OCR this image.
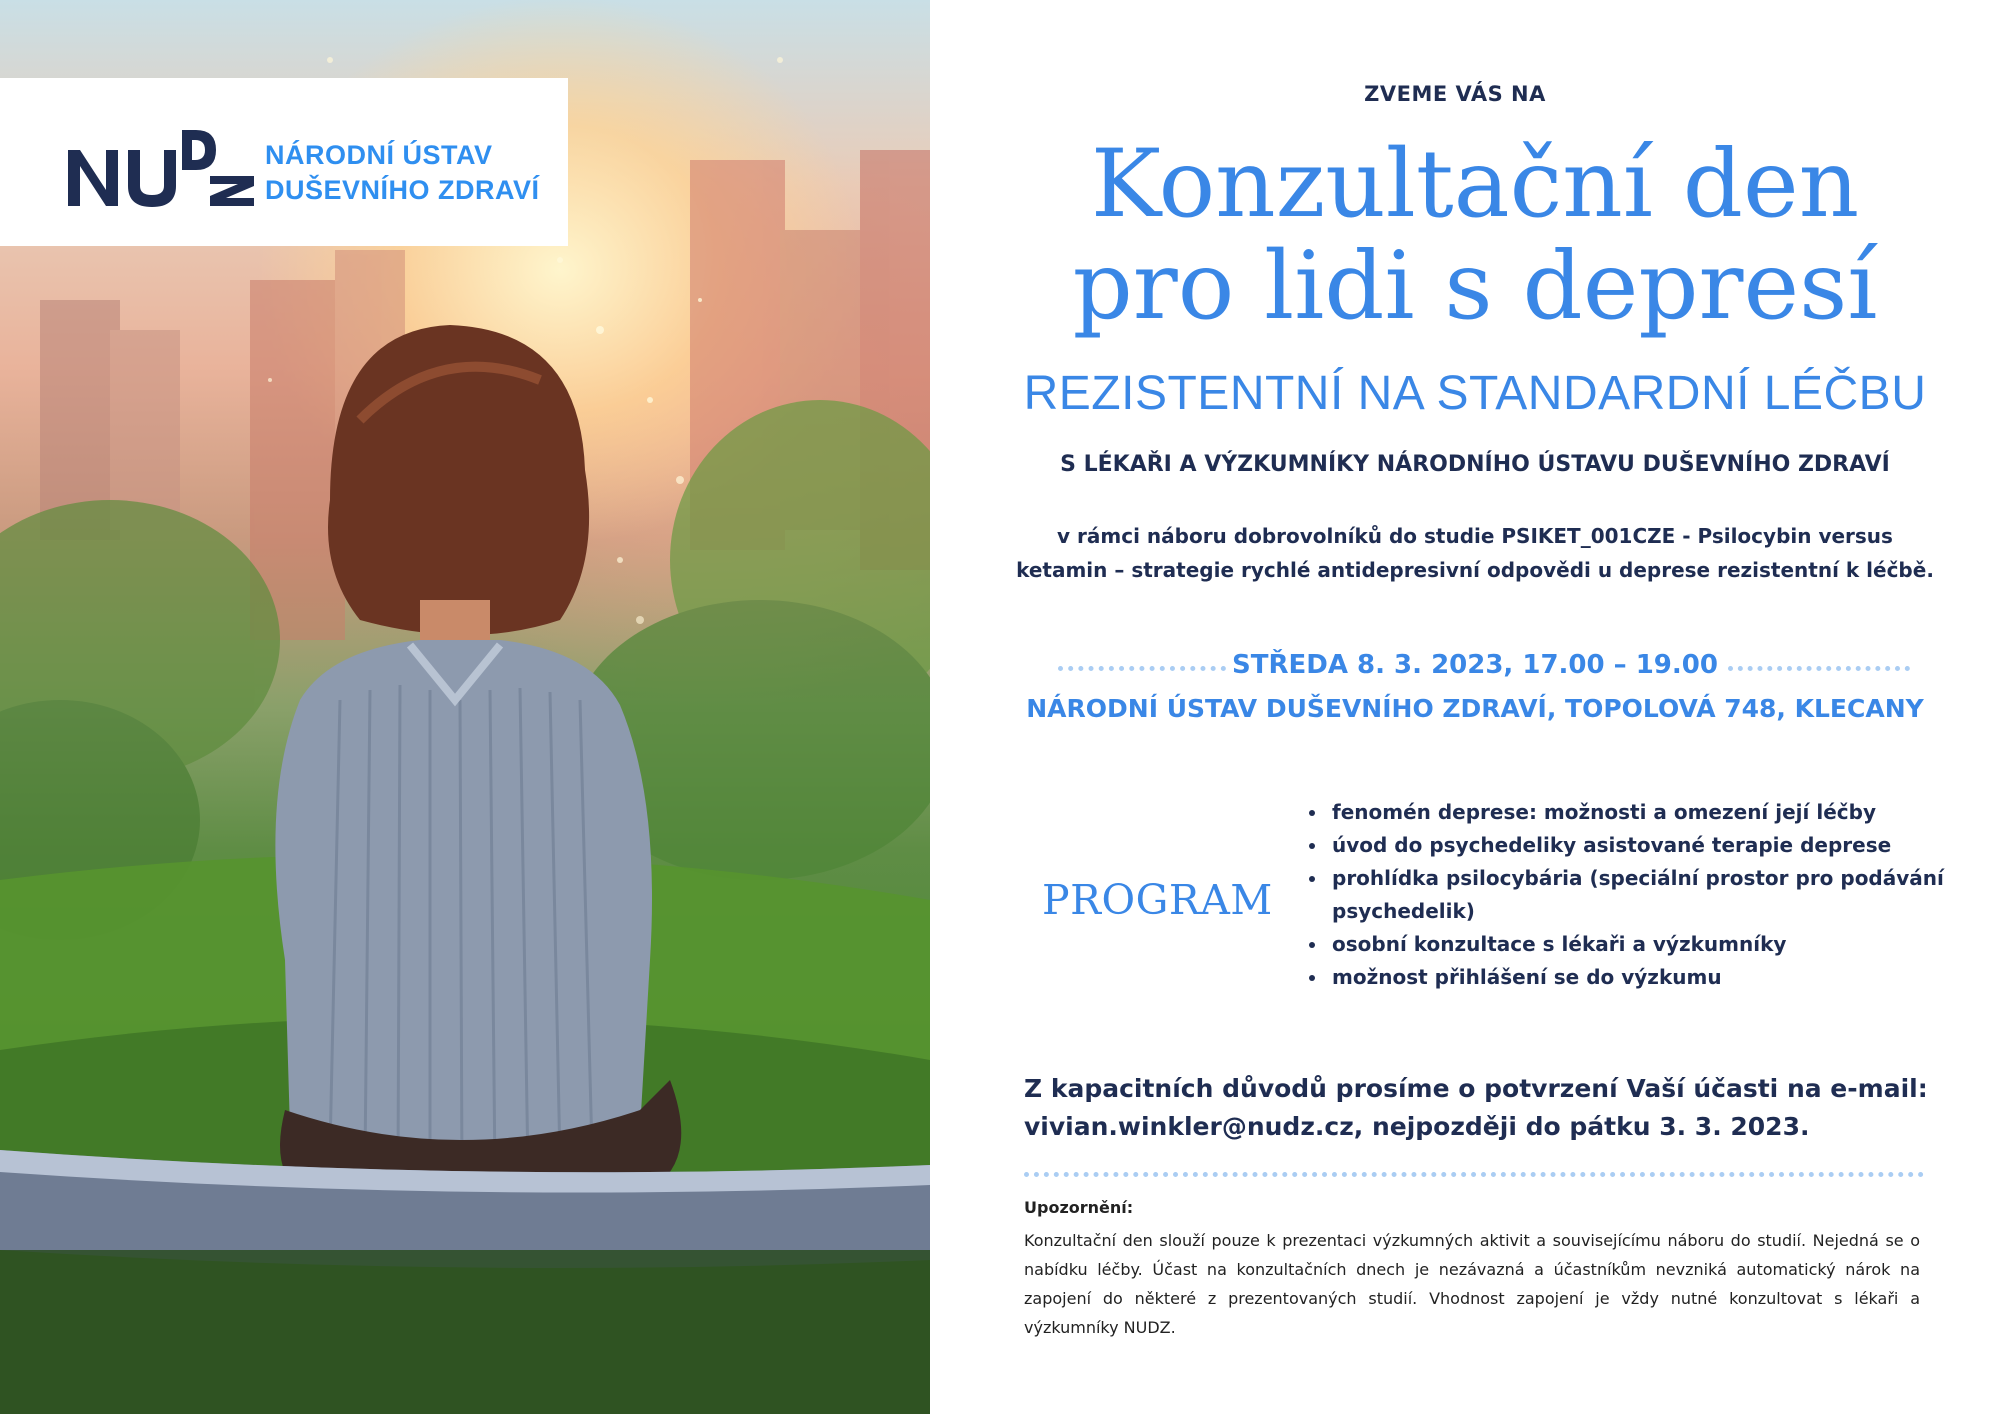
NÁRODNÍ ÚSTAV
DUŠEVNÍHO ZDRAVÍ
ZVEME VÁS NA
Konzultační den
pro lidi s depresí
REZISTENTNÍ NA STANDARDNÍ LÉČBU
S LÉKAŘI A VÝZKUMNÍKY NÁRODNÍHO ÚSTAVU DUŠEVNÍHO ZDRAVÍ
v rámci náboru dobrovolníků do studie PSIKET_001CZE - Psilocybin versus
ketamin – strategie rychlé antidepresivní odpovědi u deprese rezistentní k léčbě.
STŘEDA 8. 3. 2023, 17.00 – 19.00
NÁRODNÍ ÚSTAV DUŠEVNÍHO ZDRAVÍ, TOPOLOVÁ 748, KLECANY
PROGRAM
• fenomén deprese: možnosti a omezení její léčby
• úvod do psychedeliky asistované terapie deprese
• prohlídka psilocybária (speciální prostor pro podávání psychedelik)
• osobní konzultace s lékaři a výzkumníky
• možnost přihlášení se do výzkumu
Z kapacitních důvodů prosíme o potvrzení Vaší účasti na e-mail:
vivian.winkler@nudz.cz, nejpozději do pátku 3. 3. 2023.
Upozornění:
Konzultační den slouží pouze k prezentaci výzkumných aktivit a souvisejícímu náboru do studií. Nejedná se o nabídku léčby. Účast na konzultačních dnech je nezávazná a účastníkům nevzniká automatický nárok na zapojení do některé z prezentovaných studií. Vhodnost zapojení je vždy nutné konzultovat s lékaři a výzkumníky NUDZ.
